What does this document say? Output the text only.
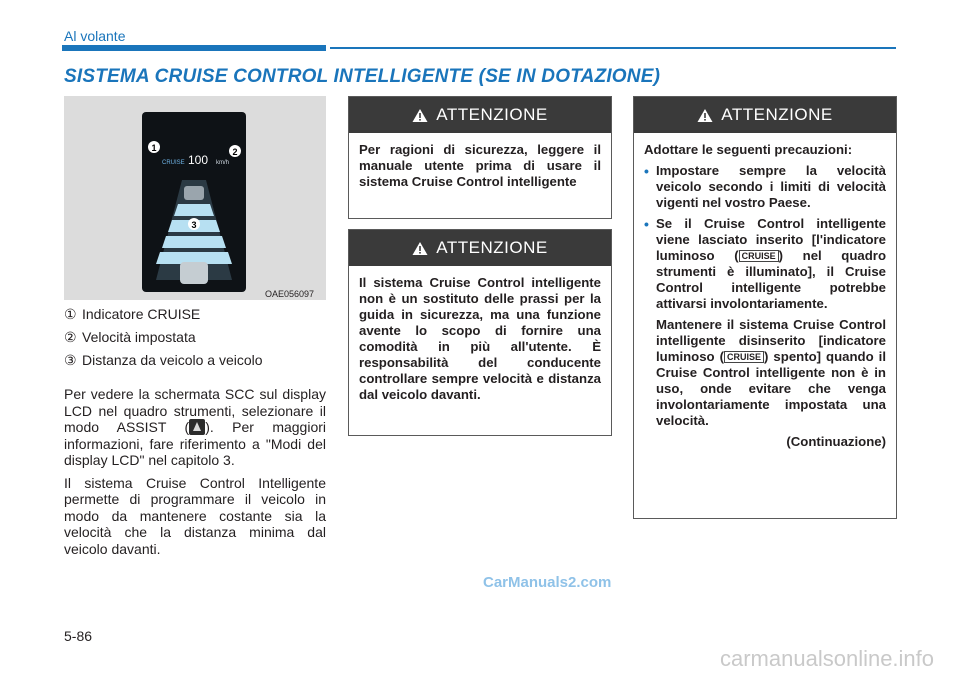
Al volante
SISTEMA CRUISE CONTROL INTELLIGENTE (SE IN DOTAZIONE)
1	2
CRUISE 100 km/h
3
OAE056097
① Indicatore CRUISE
② Velocità impostata
③ Distanza da veicolo a veicolo

Per vedere la schermata SCC sul display LCD nel quadro strumenti, selezionare il modo ASSIST ( ). Per maggiori informazioni, fare riferimento a "Modi del display LCD" nel capitolo 3.

Il sistema Cruise Control Intelligente permette di programmare il veicolo in modo da mantenere costante sia la velocità che la distanza minima dal veicolo davanti.

ATTENZIONE
Per ragioni di sicurezza, leggere il manuale utente prima di usare il sistema Cruise Control intelligente
ATTENZIONE
Il sistema Cruise Control intelligente non è un sostituto delle prassi per la guida in sicurezza, ma una funzione avente lo scopo di fornire una comodità in più all'utente. È responsabilità del conducente controllare sempre velocità e distanza dal veicolo davanti.
ATTENZIONE

Adottare le seguenti precauzioni:

• Impostare sempre la velocità veicolo secondo i limiti di velocità vigenti nel vostro Paese.
• Se il Cruise Control intelligente viene lasciato inserito [l'indicatore luminoso ( CRUISE ) nel quadro strumenti è illuminato], il Cruise Control intelligente potrebbe attivarsi involontariamente.

Mantenere il sistema Cruise Control intelligente disinserito [indicatore luminoso ( CRUISE ) spento] quando il Cruise Control intelligente non è in uso, onde evitare che venga involontariamente impostata una velocità.

(Continuazione)

5-86
CarManuals2.com
carmanualsonline.info
